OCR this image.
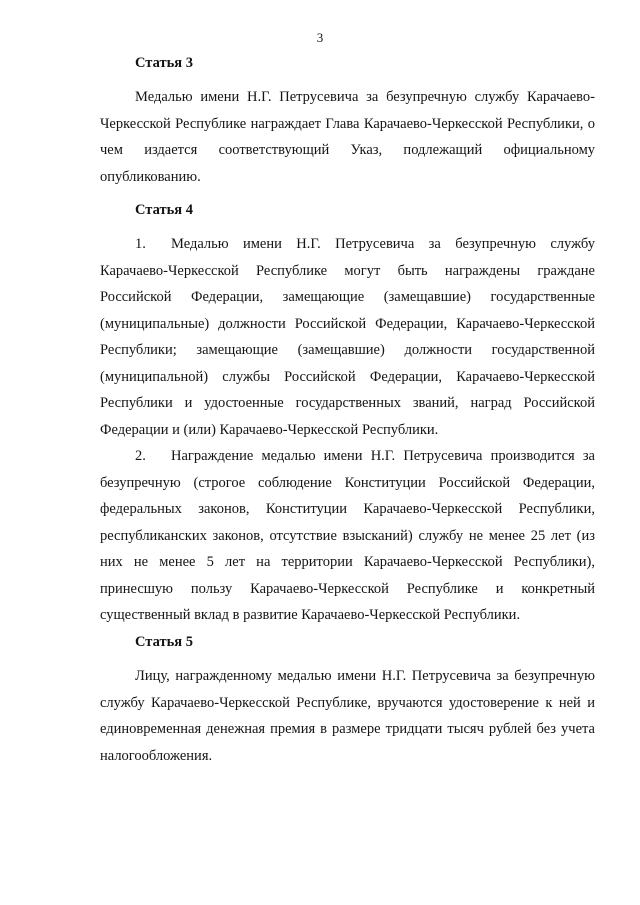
3
Статья 3

Медалью имени Н.Г. Петрусевича за безупречную службу Карачаево-Черкесской Республике награждает Глава Карачаево-Черкесской Республики, о чем издается соответствующий Указ, подлежащий официальному опубликованию.

Статья 4

1. Медалью имени Н.Г. Петрусевича за безупречную службу Карачаево-Черкесской Республике могут быть награждены граждане Российской Федерации, замещающие (замещавшие) государственные (муниципальные) должности Российской Федерации, Карачаево-Черкесской Республики; замещающие (замещавшие) должности государственной (муниципальной) службы Российской Федерации, Карачаево-Черкесской Республики и удостоенные государственных званий, наград Российской Федерации и (или) Карачаево-Черкесской Республики.

2. Награждение медалью имени Н.Г. Петрусевича производится за безупречную (строгое соблюдение Конституции Российской Федерации, федеральных законов, Конституции Карачаево-Черкесской Республики, республиканских законов, отсутствие взысканий) службу не менее 25 лет (из них не менее 5 лет на территории Карачаево-Черкесской Республики), принесшую пользу Карачаево-Черкесской Республике и конкретный существенный вклад в развитие Карачаево-Черкесской Республики.

Статья 5

Лицу, награжденному медалью имени Н.Г. Петрусевича за безупречную службу Карачаево-Черкесской Республике, вручаются удостоверение к ней и единовременная денежная премия в размере тридцати тысяч рублей без учета налогообложения.
